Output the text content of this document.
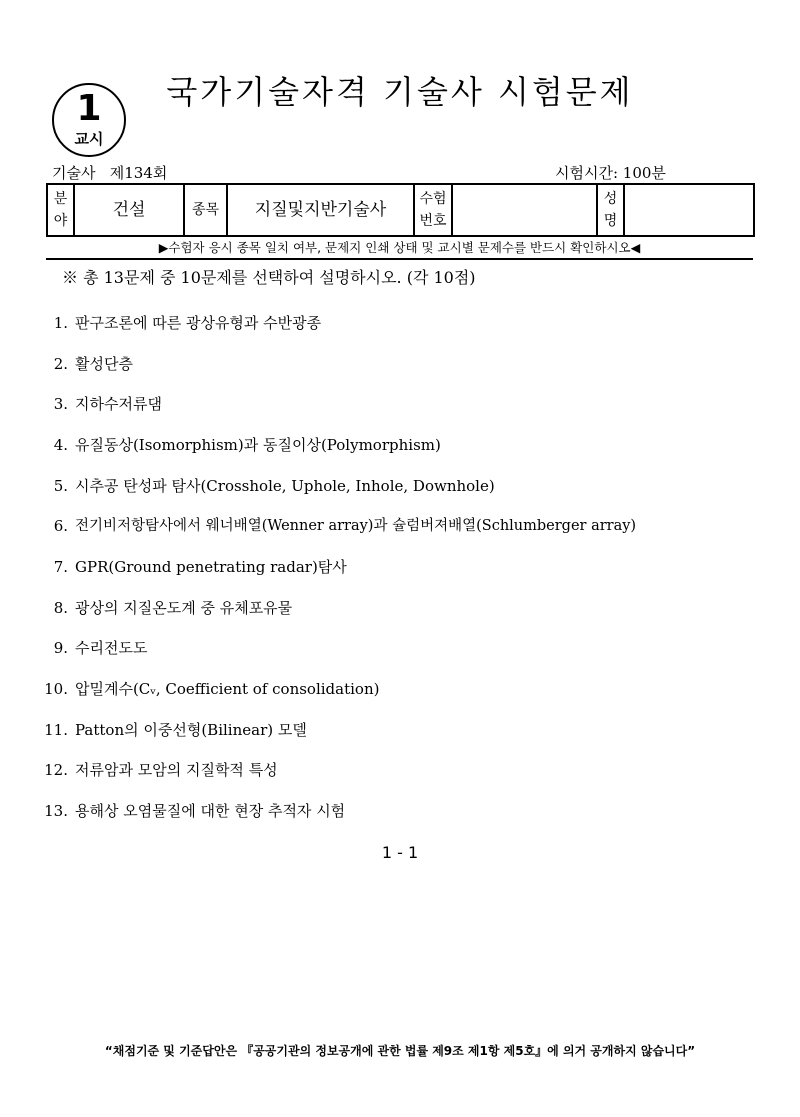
1
교시
국가기술자격 기술사 시험문제
기술사   제134회	시험시간: 100분
분야	건설	종목	지질및지반기술사	수험번호		성명	
▶수험자 응시 종목 일치 여부, 문제지 인쇄 상태 및 교시별 문제수를 반드시 확인하시오◀
※ 총 13문제 중 10문제를 선택하여 설명하시오. (각 10점)
1. 판구조론에 따른 광상유형과 수반광종
2. 활성단층
3. 지하수저류댐
4. 유질동상(Isomorphism)과 동질이상(Polymorphism)
5. 시추공 탄성파 탐사(Crosshole, Uphole, Inhole, Downhole)
6. 전기비저항탐사에서 웨너배열(Wenner array)과 슐럼버져배열(Schlumberger array)
7. GPR(Ground penetrating radar)탐사
8. 광상의 지질온도계 중 유체포유물
9. 수리전도도
10. 압밀계수(Cᵥ, Coefficient of consolidation)
11. Patton의 이중선형(Bilinear) 모델
12. 저류암과 모암의 지질학적 특성
13. 용해상 오염물질에 대한 현장 추적자 시험
1 - 1
“채점기준 및 기준답안은 『공공기관의 정보공개에 관한 법률 제9조 제1항 제5호』에 의거 공개하지 않습니다”
